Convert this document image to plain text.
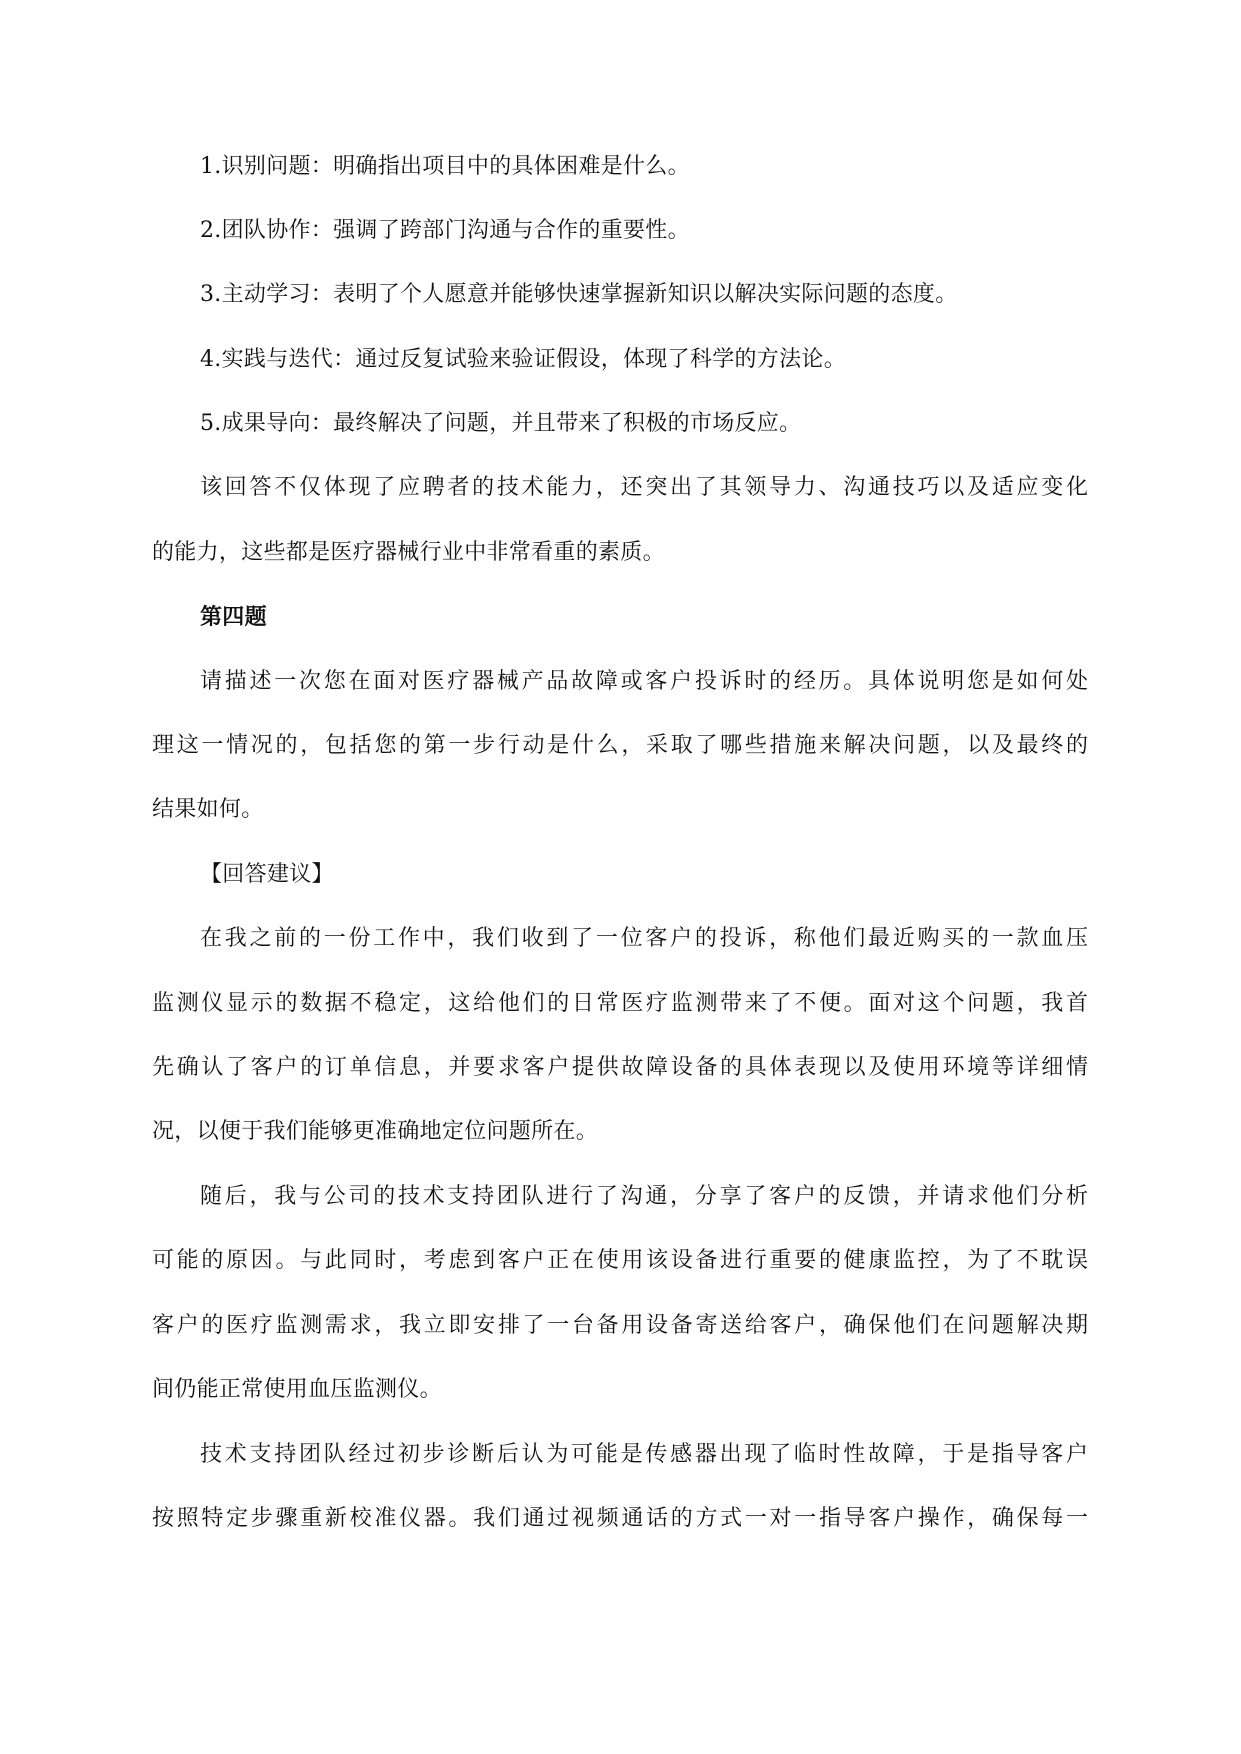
1.识别问题：明确指出项目中的具体困难是什么。
2.团队协作：强调了跨部门沟通与合作的重要性。
3.主动学习：表明了个人愿意并能够快速掌握新知识以解决实际问题的态度。
4.实践与迭代：通过反复试验来验证假设，体现了科学的方法论。
5.成果导向：最终解决了问题，并且带来了积极的市场反应。
该回答不仅体现了应聘者的技术能力，还突出了其领导力、沟通技巧以及适应变化
的能力，这些都是医疗器械行业中非常看重的素质。
第四题
请描述一次您在面对医疗器械产品故障或客户投诉时的经历。具体说明您是如何处
理这一情况的，包括您的第一步行动是什么，采取了哪些措施来解决问题，以及最终的
结果如何。
【回答建议】
在我之前的一份工作中，我们收到了一位客户的投诉，称他们最近购买的一款血压
监测仪显示的数据不稳定，这给他们的日常医疗监测带来了不便。面对这个问题，我首
先确认了客户的订单信息，并要求客户提供故障设备的具体表现以及使用环境等详细情
况，以便于我们能够更准确地定位问题所在。
随后，我与公司的技术支持团队进行了沟通，分享了客户的反馈，并请求他们分析
可能的原因。与此同时，考虑到客户正在使用该设备进行重要的健康监控，为了不耽误
客户的医疗监测需求，我立即安排了一台备用设备寄送给客户，确保他们在问题解决期
间仍能正常使用血压监测仪。
技术支持团队经过初步诊断后认为可能是传感器出现了临时性故障，于是指导客户
按照特定步骤重新校准仪器。我们通过视频通话的方式一对一指导客户操作，确保每一
